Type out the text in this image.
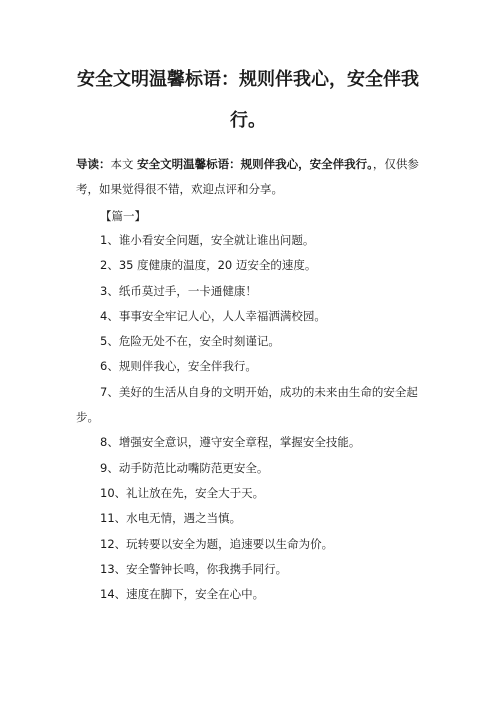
安全文明温馨标语：规则伴我心，安全伴我
行。

导读：本文 安全文明温馨标语：规则伴我心，安全伴我行。，仅供参考，如果觉得很不错，欢迎点评和分享。

【篇一】

1、谁小看安全问题，安全就让谁出问题。
2、35 度健康的温度，20 迈安全的速度。
3、纸币莫过手，一卡通健康！
4、事事安全牢记人心，人人幸福洒满校园。
5、危险无处不在，安全时刻谨记。
6、规则伴我心，安全伴我行。
7、美好的生活从自身的文明开始，成功的未来由生命的安全起步。
8、增强安全意识，遵守安全章程，掌握安全技能。
9、动手防范比动嘴防范更安全。
10、礼让放在先，安全大于天。
11、水电无情，遇之当慎。
12、玩转要以安全为题，追速要以生命为价。
13、安全警钟长鸣，你我携手同行。
14、速度在脚下，安全在心中。
